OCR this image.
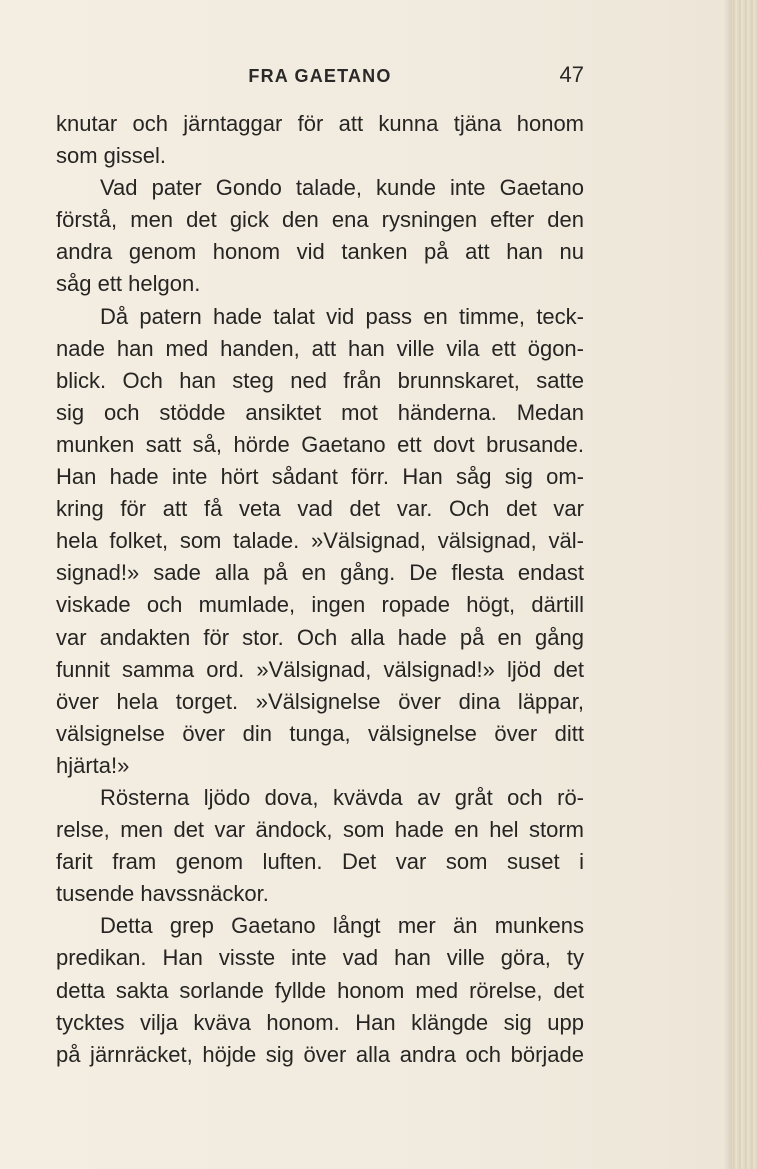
FRA GAETANO	47
knutar och järntaggar för att kunna tjäna honom
som gissel.
Vad pater Gondo talade, kunde inte Gaetano
förstå, men det gick den ena rysningen efter den
andra genom honom vid tanken på att han nu
såg ett helgon.
Då patern hade talat vid pass en timme, teck-
nade han med handen, att han ville vila ett ögon-
blick. Och han steg ned från brunnskaret, satte
sig och stödde ansiktet mot händerna. Medan
munken satt så, hörde Gaetano ett dovt brusande.
Han hade inte hört sådant förr. Han såg sig om-
kring för att få veta vad det var. Och det var
hela folket, som talade. »Välsignad, välsignad, väl-
signad!» sade alla på en gång. De flesta endast
viskade och mumlade, ingen ropade högt, därtill
var andakten för stor. Och alla hade på en gång
funnit samma ord. »Välsignad, välsignad!» ljöd det
över hela torget. »Välsignelse över dina läppar,
välsignelse över din tunga, välsignelse över ditt
hjärta!»
Rösterna ljödo dova, kvävda av gråt och rö-
relse, men det var ändock, som hade en hel storm
farit fram genom luften. Det var som suset i
tusende havssnäckor.
Detta grep Gaetano långt mer än munkens
predikan. Han visste inte vad han ville göra, ty
detta sakta sorlande fyllde honom med rörelse, det
tycktes vilja kväva honom. Han klängde sig upp
på järnräcket, höjde sig över alla andra och började
